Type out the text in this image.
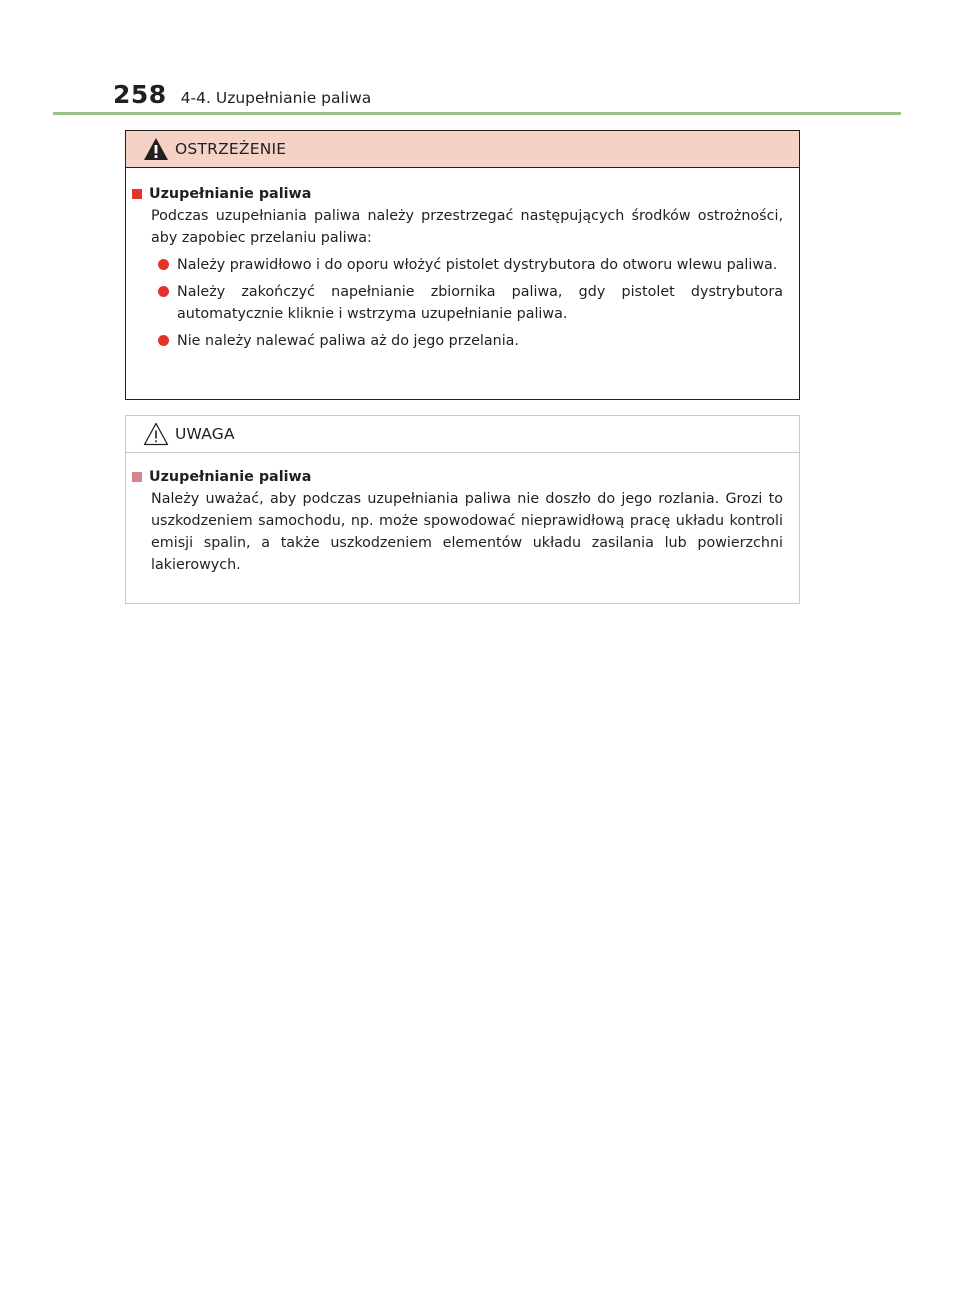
258 4-4. Uzupełnianie paliwa
OSTRZEŻENIE
Uzupełnianie paliwa
Podczas uzupełniania paliwa należy przestrzegać następujących środków ostrożności, aby zapobiec przelaniu paliwa:
Należy prawidłowo i do oporu włożyć pistolet dystrybutora do otworu wlewu paliwa.
Należy zakończyć napełnianie zbiornika paliwa, gdy pistolet dystrybutora automatycznie kliknie i wstrzyma uzupełnianie paliwa.
Nie należy nalewać paliwa aż do jego przelania.
UWAGA
Uzupełnianie paliwa
Należy uważać, aby podczas uzupełniania paliwa nie doszło do jego rozlania. Grozi to uszkodzeniem samochodu, np. może spowodować nieprawidłową pracę układu kontroli emisji spalin, a także uszkodzeniem elementów układu zasilania lub powierzchni lakierowych.
